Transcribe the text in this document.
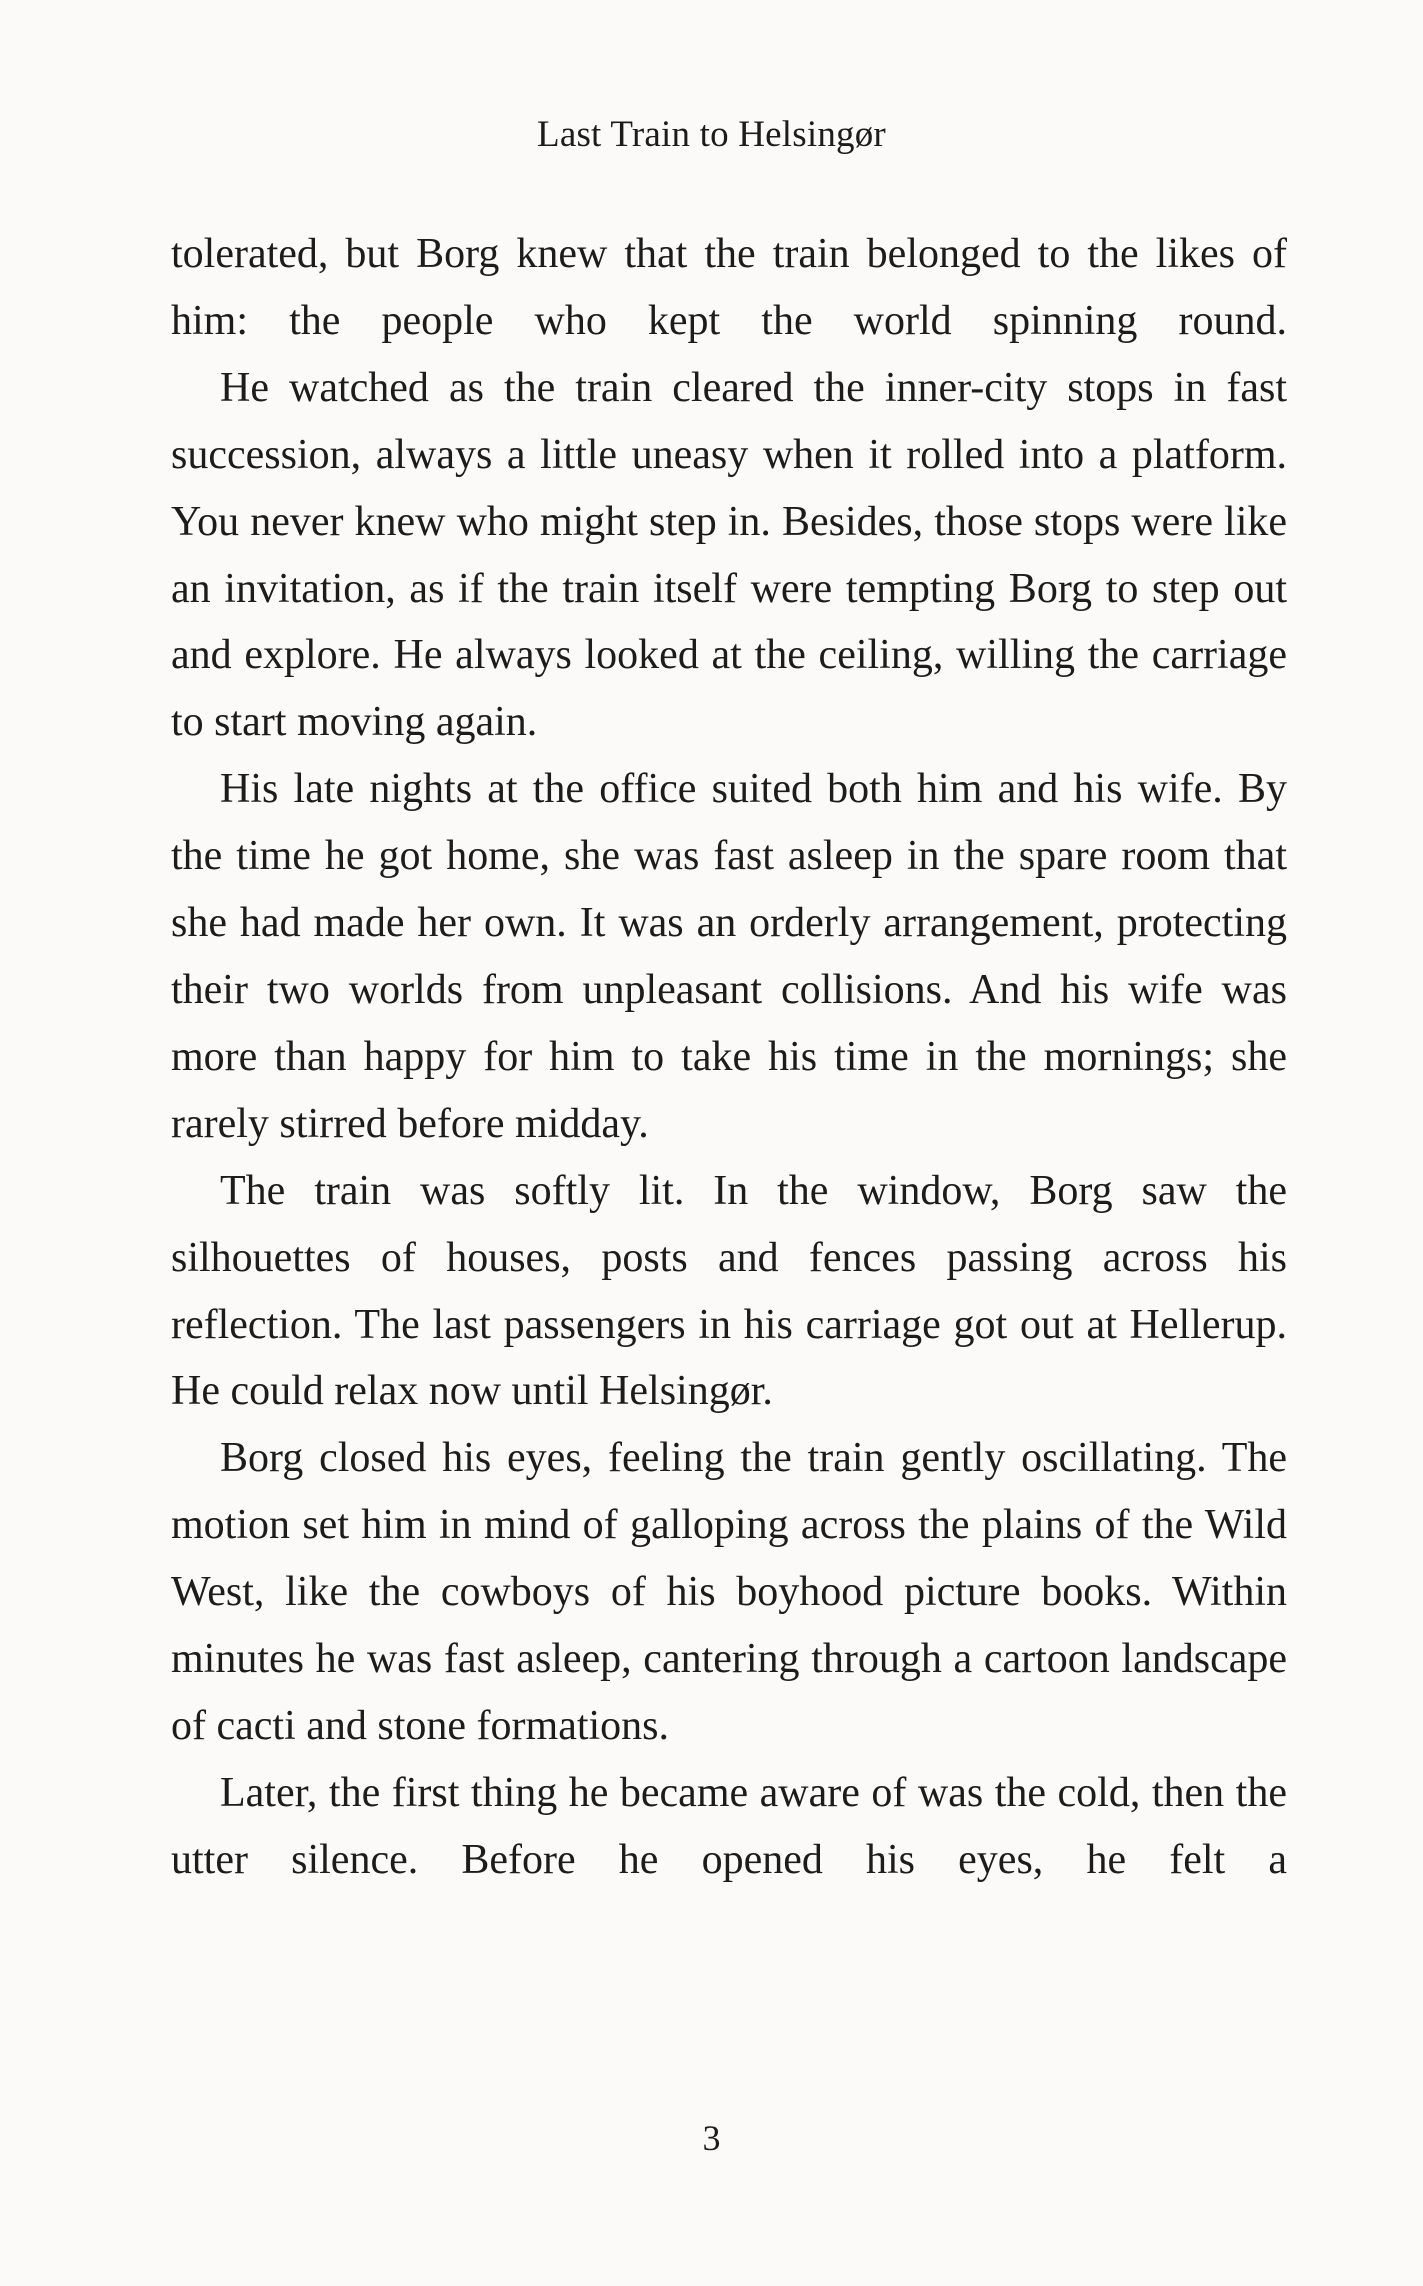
Last Train to Helsingør

tolerated, but Borg knew that the train belonged to the likes of him: the people who kept the world spinning round.

He watched as the train cleared the inner-city stops in fast succession, always a little uneasy when it rolled into a platform. You never knew who might step in. Besides, those stops were like an invitation, as if the train itself were tempting Borg to step out and explore. He always looked at the ceiling, willing the carriage to start moving again.

His late nights at the office suited both him and his wife. By the time he got home, she was fast asleep in the spare room that she had made her own. It was an orderly arrangement, protecting their two worlds from unpleasant collisions. And his wife was more than happy for him to take his time in the mornings; she rarely stirred before midday.

The train was softly lit. In the window, Borg saw the silhouettes of houses, posts and fences passing across his reflection. The last passengers in his carriage got out at Hellerup. He could relax now until Helsingør.

Borg closed his eyes, feeling the train gently oscillating. The motion set him in mind of galloping across the plains of the Wild West, like the cowboys of his boyhood picture books. Within minutes he was fast asleep, cantering through a cartoon landscape of cacti and stone formations.

Later, the first thing he became aware of was the cold, then the utter silence. Before he opened his eyes, he felt a

3
